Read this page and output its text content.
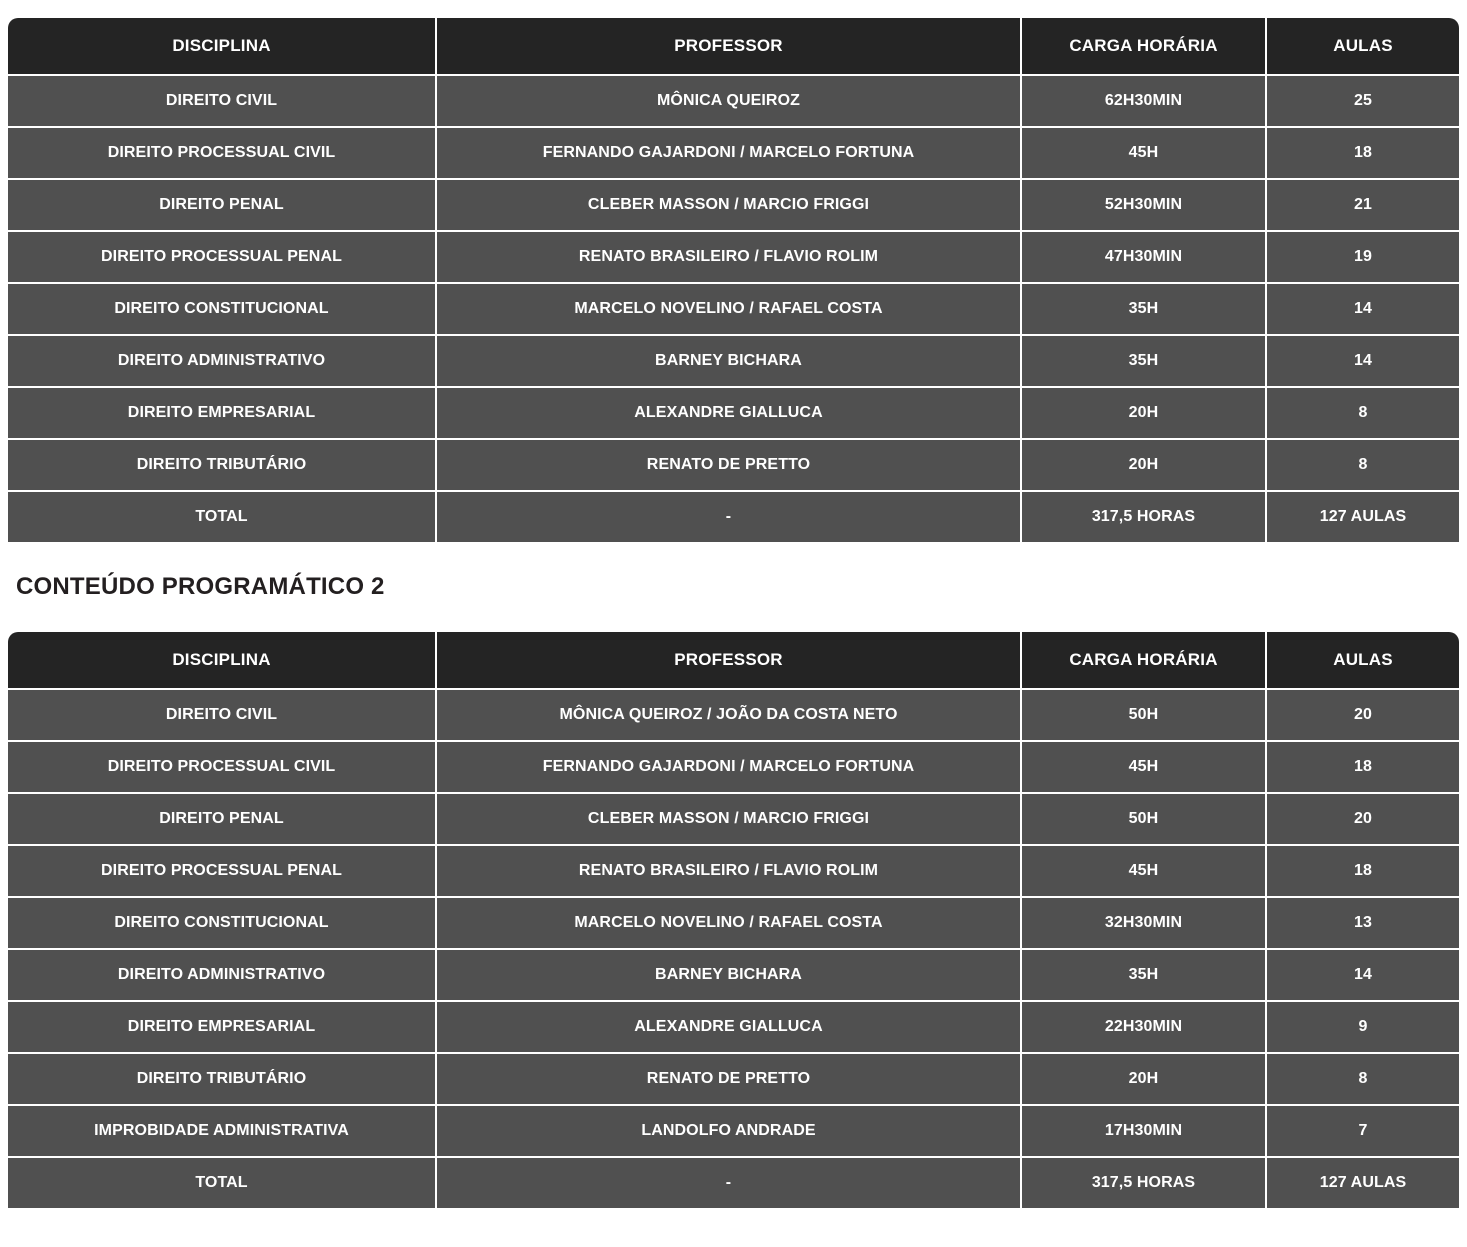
DISCIPLINA	PROFESSOR	CARGA HORÁRIA	AULAS
DIREITO CIVIL	MÔNICA QUEIROZ	62H30MIN	25
DIREITO PROCESSUAL CIVIL	FERNANDO GAJARDONI / MARCELO FORTUNA	45H	18
DIREITO PENAL	CLEBER MASSON / MARCIO FRIGGI	52H30MIN	21
DIREITO PROCESSUAL PENAL	RENATO BRASILEIRO / FLAVIO ROLIM	47H30MIN	19
DIREITO CONSTITUCIONAL	MARCELO NOVELINO / RAFAEL COSTA	35H	14
DIREITO ADMINISTRATIVO	BARNEY BICHARA	35H	14
DIREITO EMPRESARIAL	ALEXANDRE GIALLUCA	20H	8
DIREITO TRIBUTÁRIO	RENATO DE PRETTO	20H	8
TOTAL	-	317,5 HORAS	127 AULAS
CONTEÚDO PROGRAMÁTICO 2
DISCIPLINA	PROFESSOR	CARGA HORÁRIA	AULAS
DIREITO CIVIL	MÔNICA QUEIROZ / JOÃO DA COSTA NETO	50H	20
DIREITO PROCESSUAL CIVIL	FERNANDO GAJARDONI / MARCELO FORTUNA	45H	18
DIREITO PENAL	CLEBER MASSON / MARCIO FRIGGI	50H	20
DIREITO PROCESSUAL PENAL	RENATO BRASILEIRO / FLAVIO ROLIM	45H	18
DIREITO CONSTITUCIONAL	MARCELO NOVELINO / RAFAEL COSTA	32H30MIN	13
DIREITO ADMINISTRATIVO	BARNEY BICHARA	35H	14
DIREITO EMPRESARIAL	ALEXANDRE GIALLUCA	22H30MIN	9
DIREITO TRIBUTÁRIO	RENATO DE PRETTO	20H	8
IMPROBIDADE ADMINISTRATIVA	LANDOLFO ANDRADE	17H30MIN	7
TOTAL	-	317,5 HORAS	127 AULAS
